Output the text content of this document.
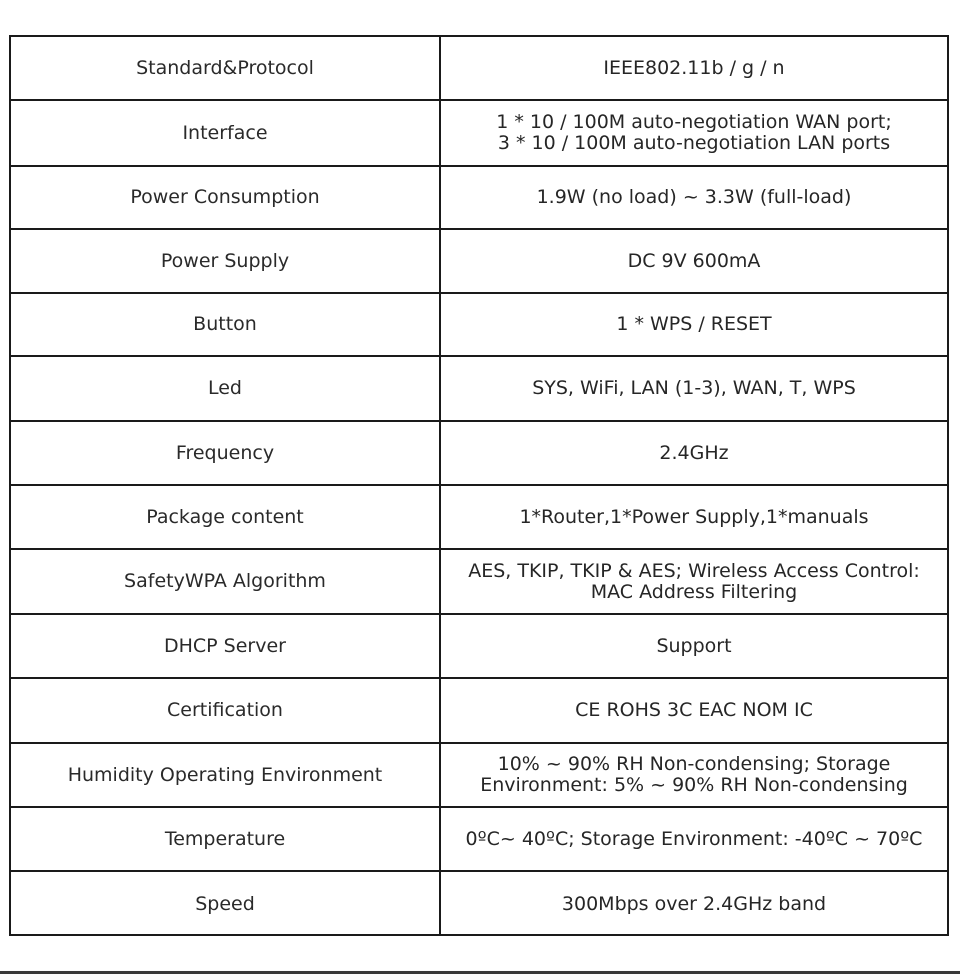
Standard&Protocol	IEEE802.11b / g / n
Interface	1 * 10 / 100M auto-negotiation WAN port;
3 * 10 / 100M auto-negotiation LAN ports
Power Consumption	1.9W (no load) ~ 3.3W (full-load)
Power Supply	DC 9V 600mA
Button	1 * WPS / RESET
Led	SYS, WiFi, LAN (1-3), WAN, T, WPS
Frequency	2.4GHz
Package content	1*Router,1*Power Supply,1*manuals
SafetyWPA Algorithm	AES, TKIP, TKIP & AES; Wireless Access Control:
MAC Address Filtering
DHCP Server	Support
Certification	CE ROHS 3C EAC NOM IC
Humidity Operating Environment	10% ~ 90% RH Non-condensing; Storage
Environment: 5% ~ 90% RH Non-condensing
Temperature	0ºC~ 40ºC; Storage Environment: -40ºC ~ 70ºC
Speed	300Mbps over 2.4GHz band
